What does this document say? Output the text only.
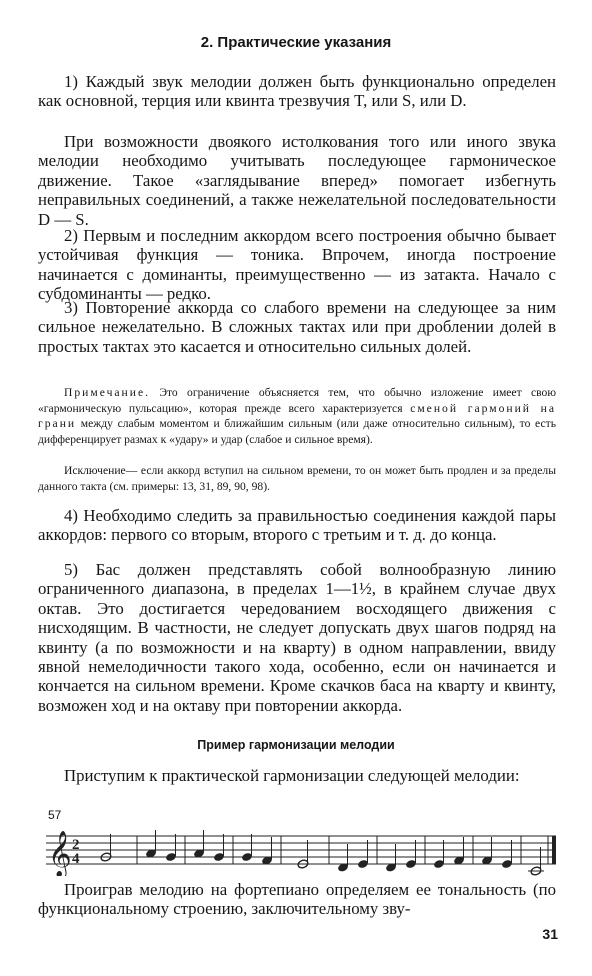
2. Практические указания

1) Каждый звук мелодии должен быть функционально определен как основной, терция или квинта трезвучия T, или S, или D.

При возможности двоякого истолкования того или иного звука мелодии необходимо учитывать последующее гармоническое движение. Такое «заглядывание вперед» помогает избегнуть неправильных соединений, а также нежелательной последовательности D — S.

2) Первым и последним аккордом всего построения обычно бывает устойчивая функция — тоника. Впрочем, иногда построение начинается с доминанты, преимущественно — из затакта. Начало с субдоминанты — редко.

3) Повторение аккорда со слабого времени на следующее за ним сильное нежелательно. В сложных тактах или при дроблении долей в простых тактах это касается и относительно сильных долей.

Примечание. Это ограничение объясняется тем, что обычно изложение имеет свою «гармоническую пульсацию», которая прежде всего характеризуется сменой гармоний на грани между слабым моментом и ближайшим сильным (или даже относительно сильным), то есть дифференцирует размах к «удару» и удар (слабое и сильное время).

Исключение— если аккорд вступил на сильном времени, то он может быть продлен и за пределы данного такта (см. примеры: 13, 31, 89, 90, 98).

4) Необходимо следить за правильностью соединения каждой пары аккордов: первого со вторым, второго с третьим и т. д. до конца.

5) Бас должен представлять собой волнообразную линию ограниченного диапазона, в пределах 1—1½, в крайнем случае двух октав. Это достигается чередованием восходящего движения с нисходящим. В частности, не следует допускать двух шагов подряд на квинту (а по возможности и на кварту) в одном направлении, ввиду явной немелодичности такого хода, особенно, если он начинается и кончается на сильном времени. Кроме скачков баса на кварту и квинту, возможен ход и на октаву при повторении аккорда.

Пример гармонизации мелодии

Приступим к практической гармонизации следующей мелодии:

57
𝄞 2
4

Проиграв мелодию на фортепиано определяем ее тональность (по функциональному строению, заключительному зву-

31
